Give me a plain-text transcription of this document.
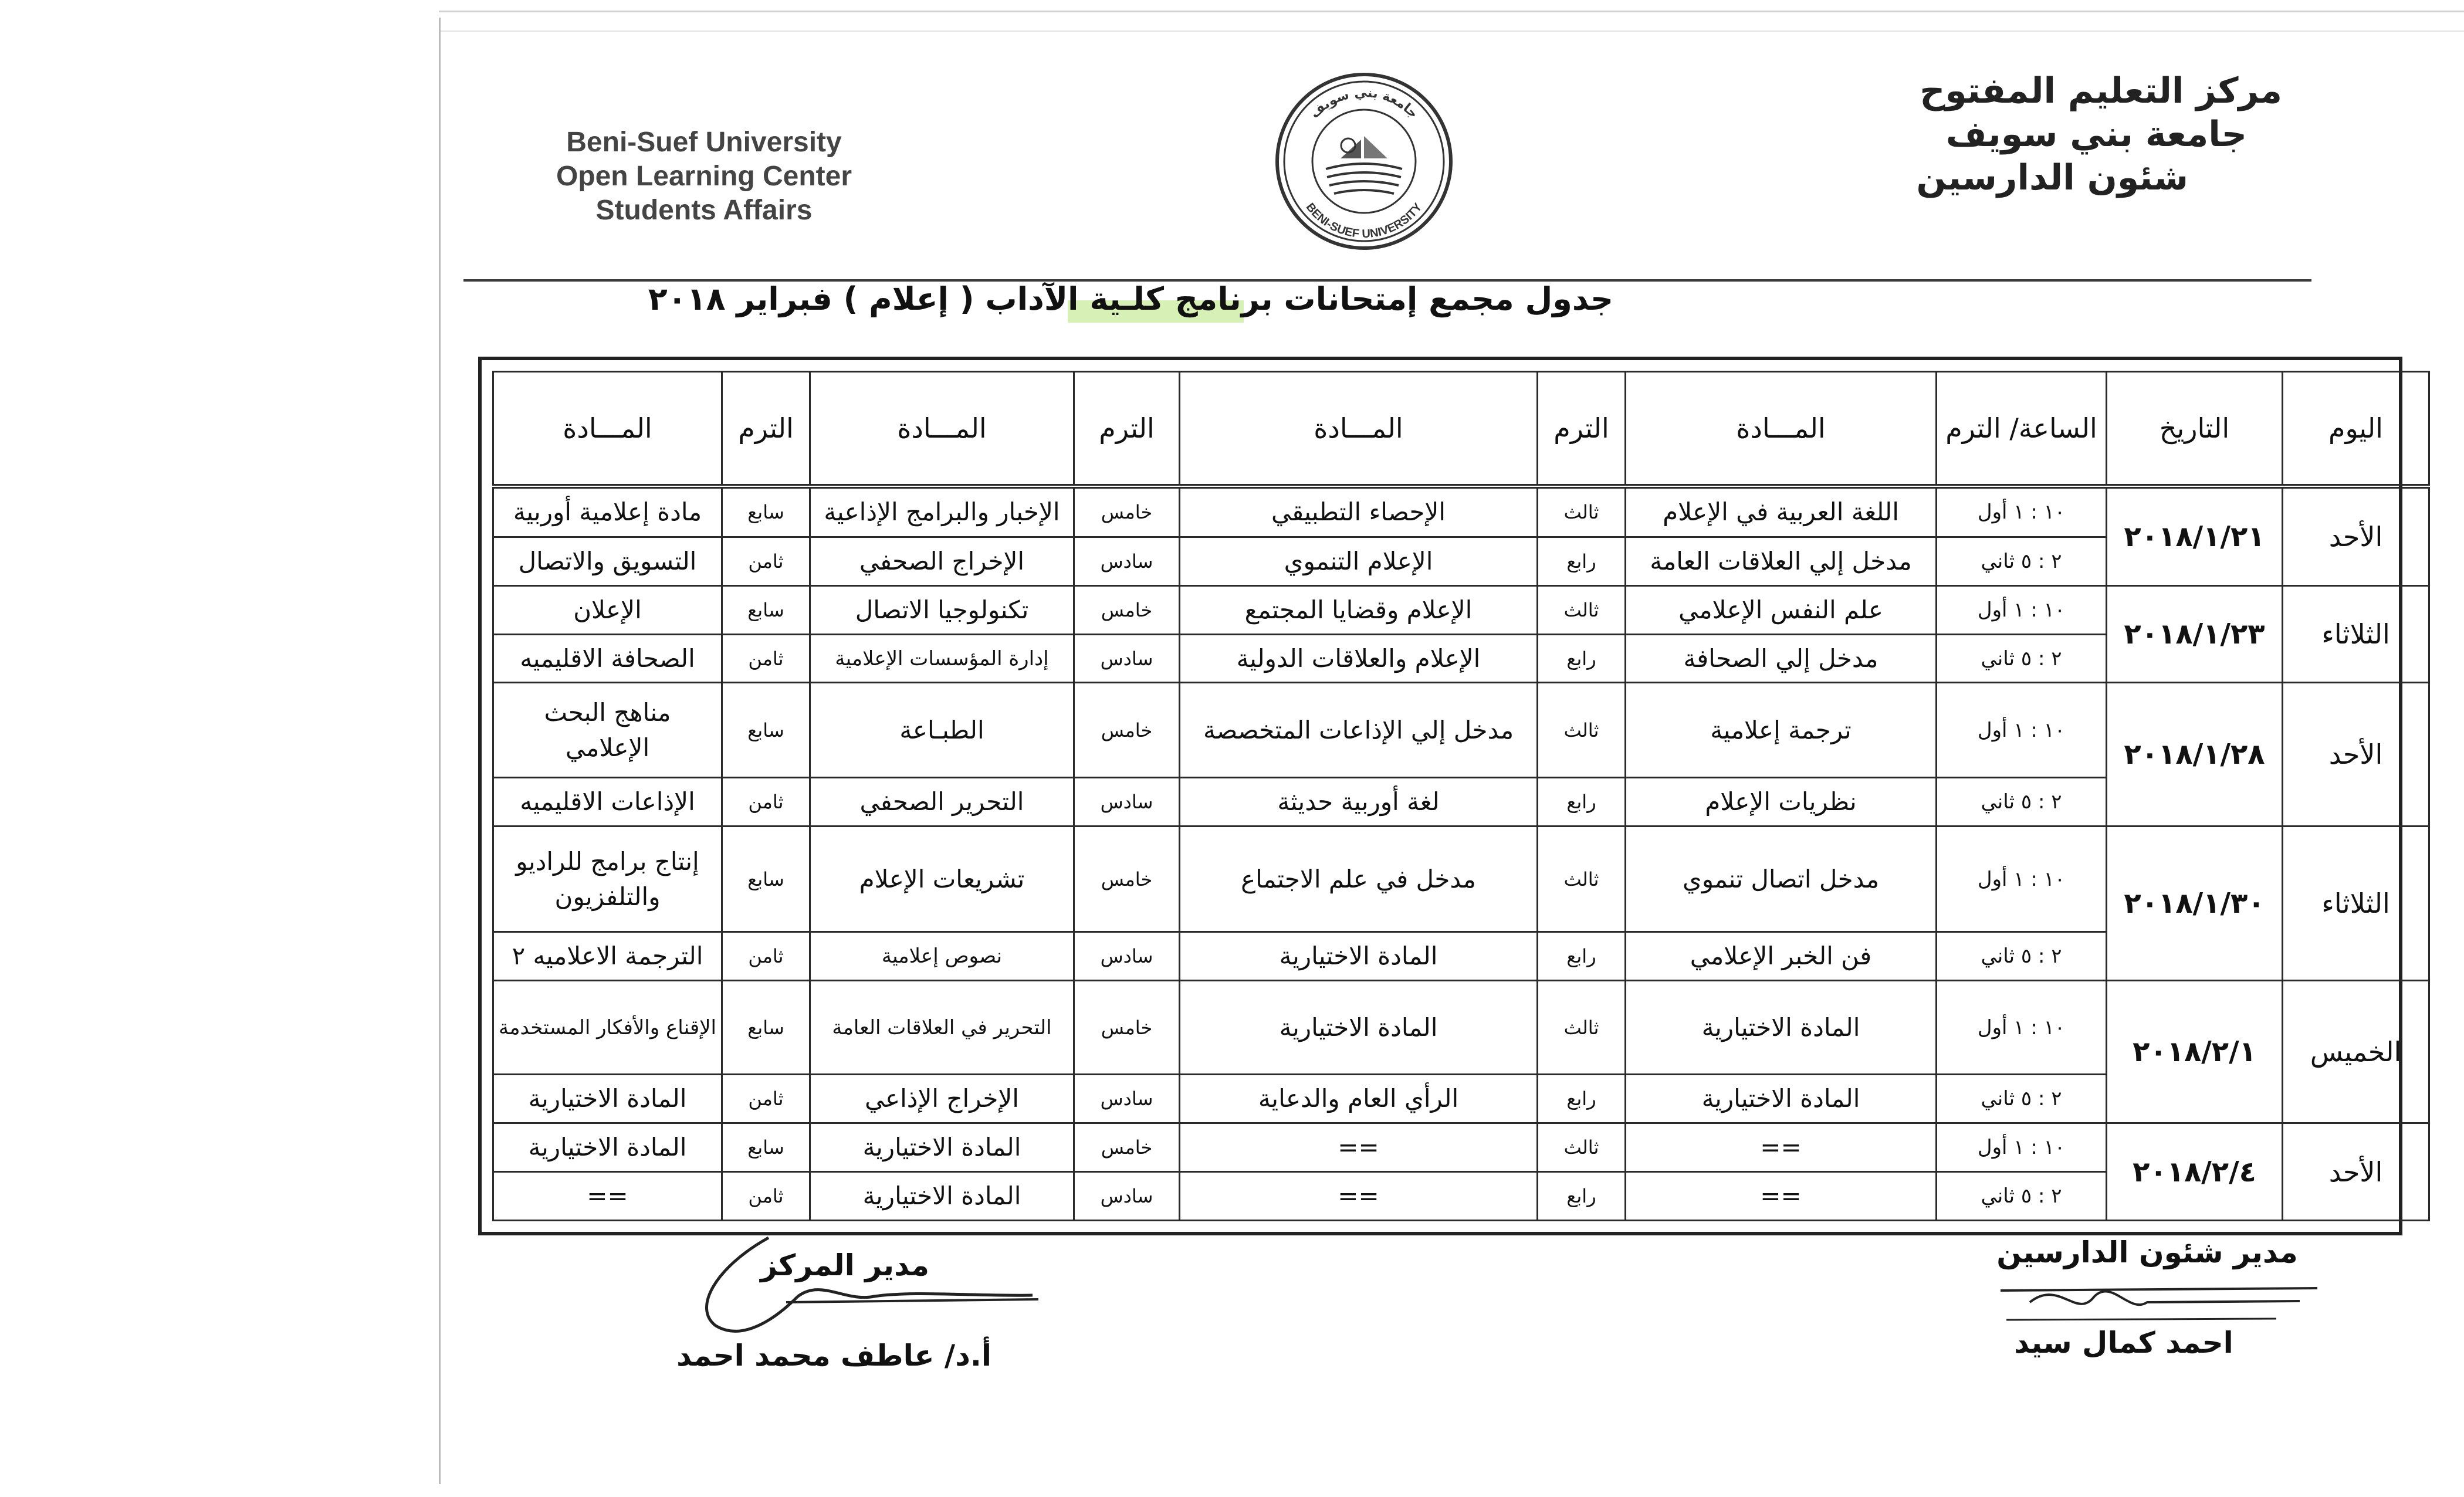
Beni-Suef University
Open Learning Center
Students Affairs
جامعة بني سويف
BENI-SUEF UNIVERSITY
مركز التعليم المفتوح
جامعة بني سويف
شئون الدارسين
جدول مجمع إمتحانات برنامج كلـية الآداب ( إعلام ) فبراير ٢٠١٨
اليوم	التاريخ	الساعة/ الترم	المـــادة	الترم	المـــادة	الترم	المـــادة	الترم	المـــادة
الأحد	٢٠١٨/١/٢١	١٠ : ١ أول	اللغة العربية في الإعلام	ثالث	الإحصاء التطبيقي	خامس	الإخبار والبرامج الإذاعية	سابع	مادة إعلامية أوربية
		٢ : ٥ ثاني	مدخل إلي العلاقات العامة	رابع	الإعلام التنموي	سادس	الإخراج الصحفي	ثامن	التسويق والاتصال
الثلاثاء	٢٠١٨/١/٢٣	١٠ : ١ أول	علم النفس الإعلامي	ثالث	الإعلام وقضايا المجتمع	خامس	تكنولوجيا الاتصال	سابع	الإعلان
		٢ : ٥ ثاني	مدخل إلي الصحافة	رابع	الإعلام والعلاقات الدولية	سادس	إدارة المؤسسات الإعلامية	ثامن	الصحافة الاقليميه
الأحد	٢٠١٨/١/٢٨	١٠ : ١ أول	ترجمة إعلامية	ثالث	مدخل إلي الإذاعات المتخصصة	خامس	الطبـاعة	سابع	مناهج البحث الإعلامي
		٢ : ٥ ثاني	نظريات الإعلام	رابع	لغة أوربية حديثة	سادس	التحرير الصحفي	ثامن	الإذاعات الاقليميه
الثلاثاء	٢٠١٨/١/٣٠	١٠ : ١ أول	مدخل اتصال تنموي	ثالث	مدخل في علم الاجتماع	خامس	تشريعات الإعلام	سابع	إنتاج برامج للراديو والتلفزيون
		٢ : ٥ ثاني	فن الخبر الإعلامي	رابع	المادة الاختيارية	سادس	نصوص إعلامية	ثامن	الترجمة الاعلاميه ٢
الخميس	٢٠١٨/٢/١	١٠ : ١ أول	المادة الاختيارية	ثالث	المادة الاختيارية	خامس	التحرير في العلاقات العامة	سابع	الإقناع والأفكار المستخدمة
		٢ : ٥ ثاني	المادة الاختيارية	رابع	الرأي العام والدعاية	سادس	الإخراج الإذاعي	ثامن	المادة الاختيارية
الأحد	٢٠١٨/٢/٤	١٠ : ١ أول	==	ثالث	==	خامس	المادة الاختيارية	سابع	المادة الاختيارية
		٢ : ٥ ثاني	==	رابع	==	سادس	المادة الاختيارية	ثامن	==
مدير المركز
أ.د/ عاطف محمد احمد
مدير شئون الدارسين
احمد كمال سيد
